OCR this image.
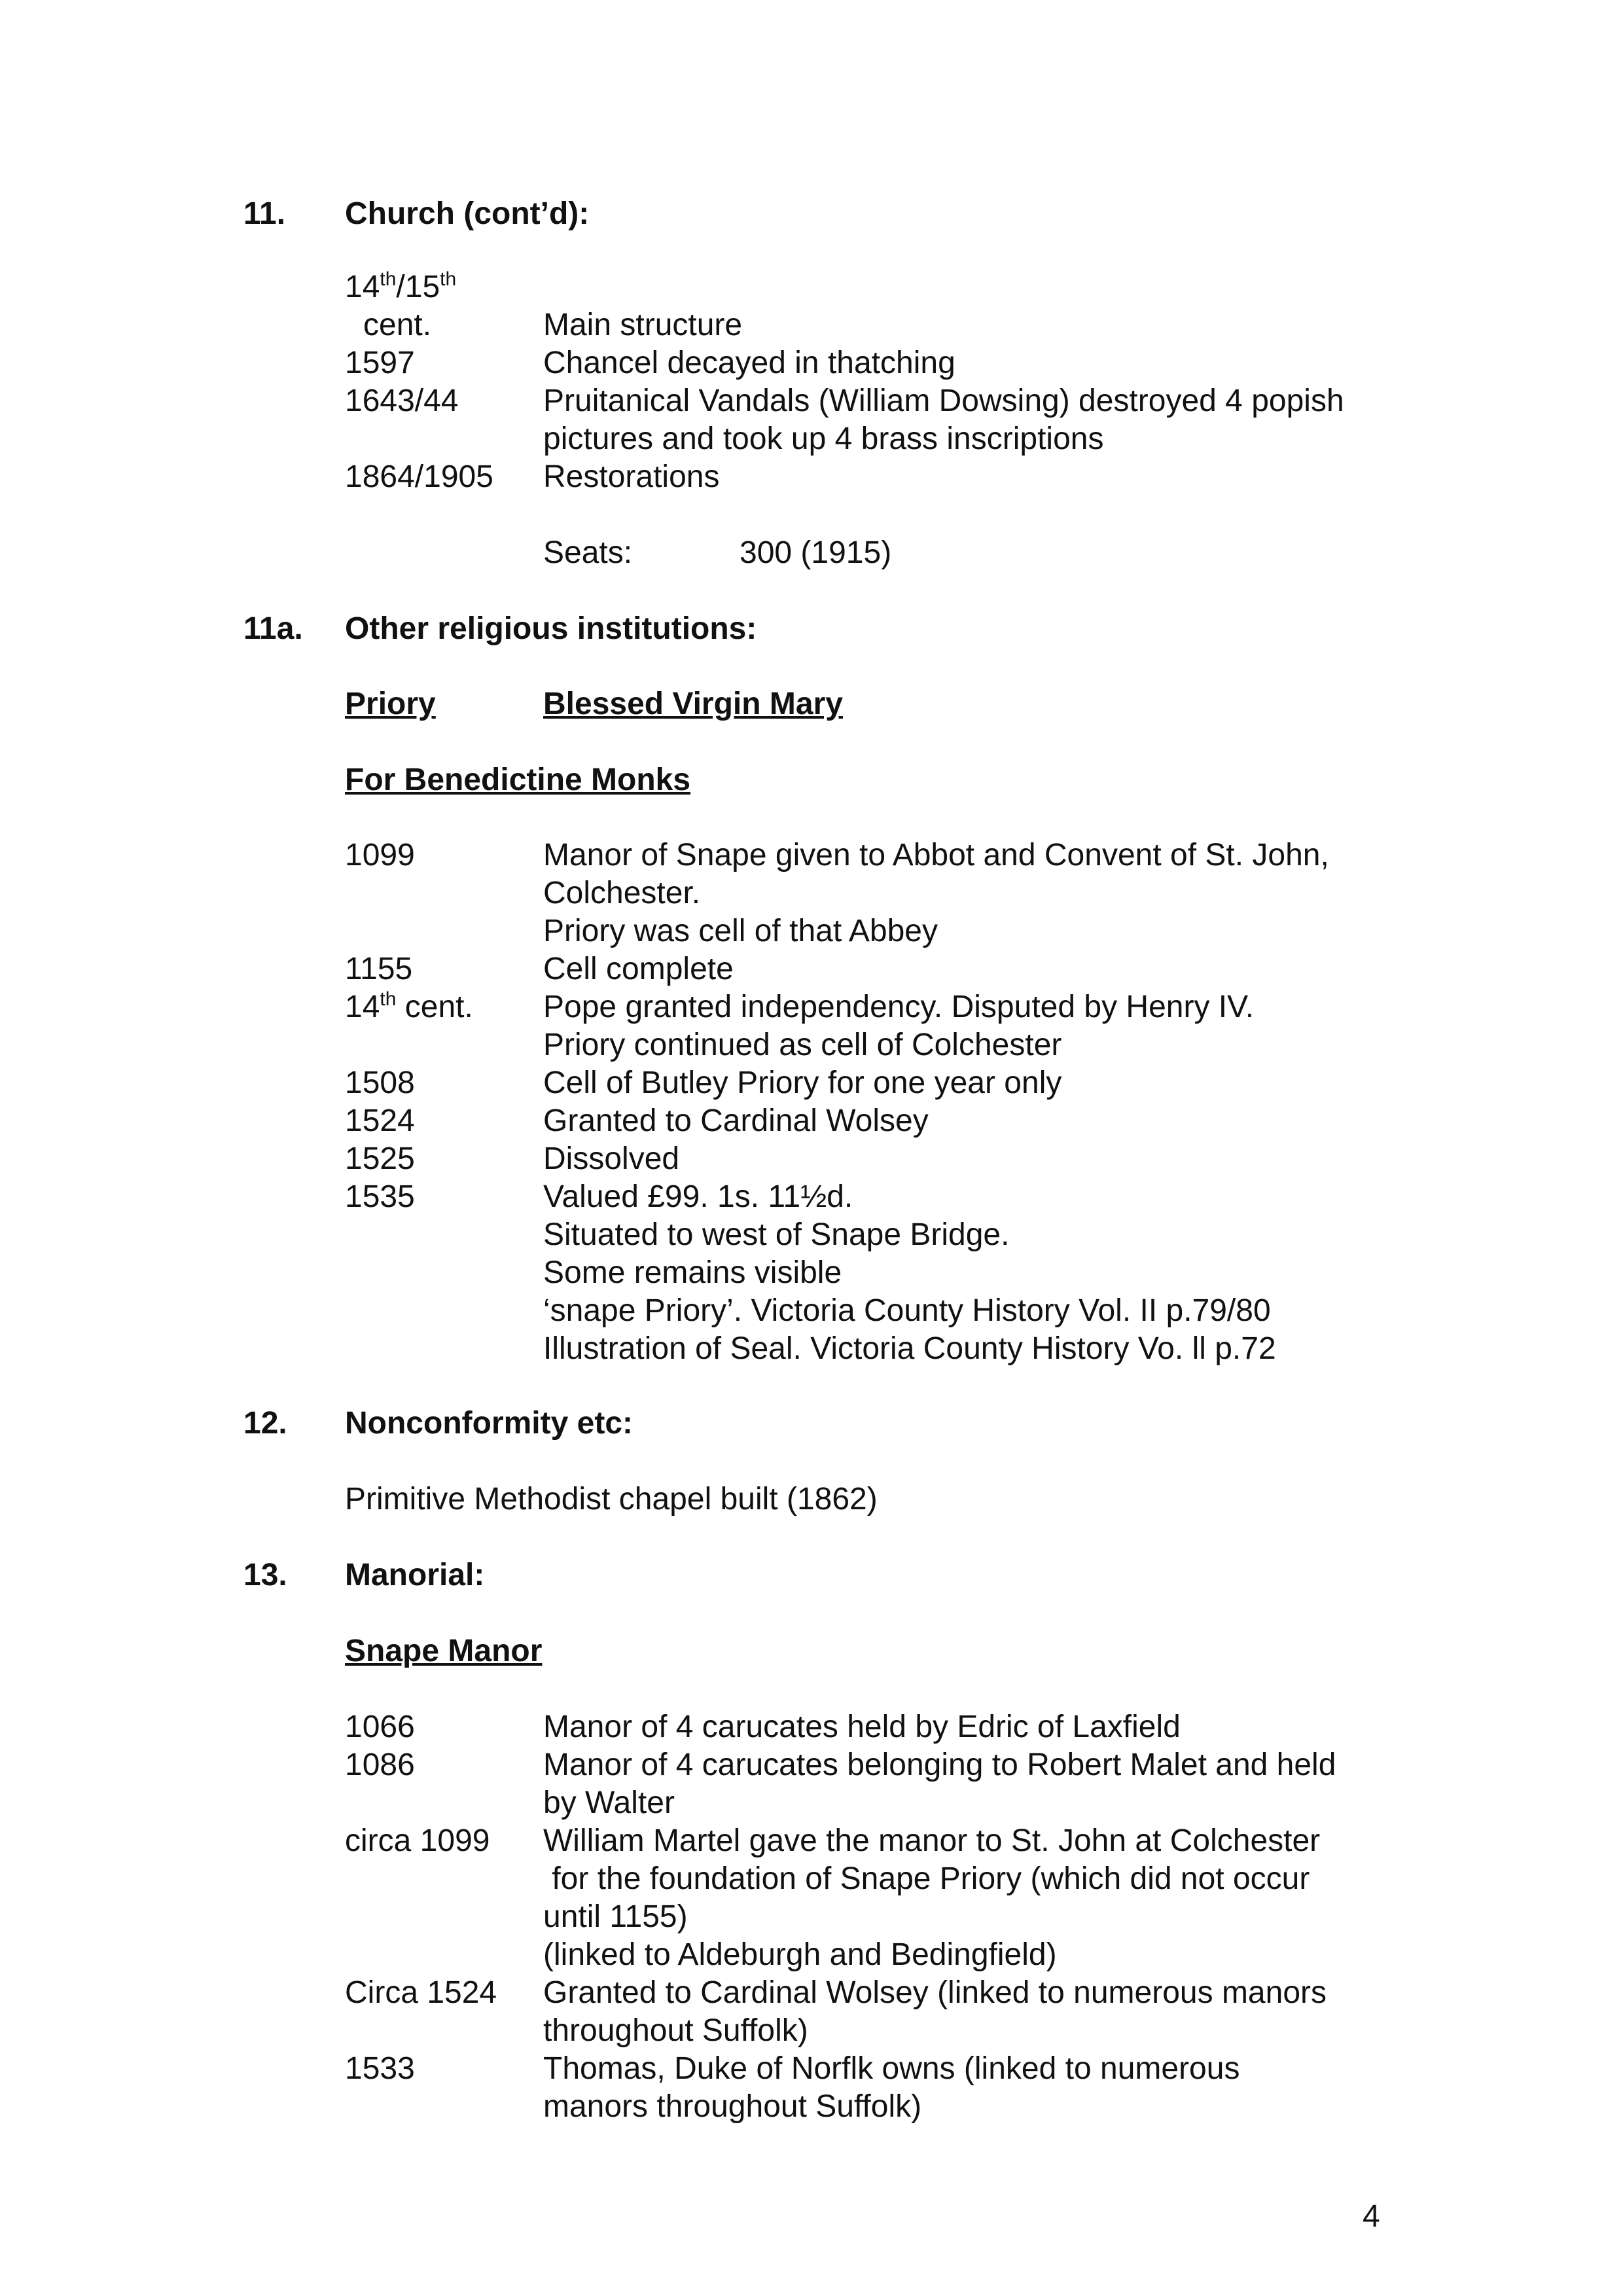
11. Church (cont’d):
14th/15th
cent.	Main structure
1597	Chancel decayed in thatching
1643/44	Pruitanical Vandals (William Dowsing) destroyed 4 popish
pictures and took up 4 brass inscriptions
1864/1905 Restorations
Seats:	300 (1915)
11a. Other religious institutions:
Priory	Blessed Virgin Mary
For Benedictine Monks
1099	Manor of Snape given to Abbot and Convent of St. John,
Colchester.
Priory was cell of that Abbey
1155	Cell complete
14th cent. Pope granted independency. Disputed by Henry IV.
Priory continued as cell of Colchester
1508	Cell of Butley Priory for one year only
1524	Granted to Cardinal Wolsey
1525	Dissolved
1535	Valued £99. 1s. 11½d.
Situated to west of Snape Bridge.
Some remains visible
‘snape Priory’. Victoria County History Vol. II p.79/80
Illustration of Seal. Victoria County History Vo. ll p.72
12. Nonconformity etc:
Primitive Methodist chapel built (1862)
13. Manorial:
Snape Manor
1066	Manor of 4 carucates held by Edric of Laxfield
1086	Manor of 4 carucates belonging to Robert Malet and held
by Walter
circa 1099 William Martel gave the manor to St. John at Colchester
for the foundation of Snape Priory (which did not occur
until 1155)
(linked to Aldeburgh and Bedingfield)
Circa 1524 Granted to Cardinal Wolsey (linked to numerous manors
throughout Suffolk)
1533	Thomas, Duke of Norflk owns (linked to numerous
manors throughout Suffolk)
4
